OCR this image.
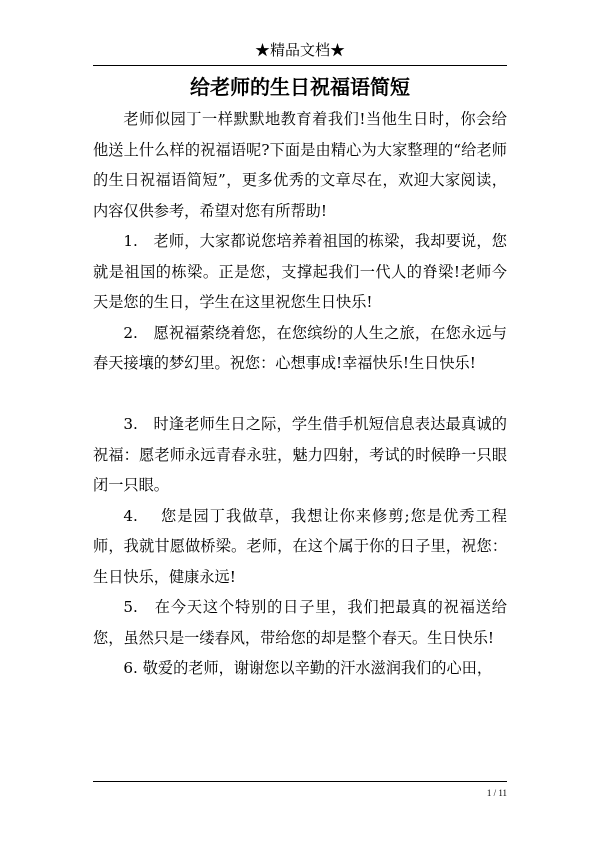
★精品文档★
给老师的生日祝福语简短

老师似园丁一样默默地教育着我们!当他生日时，你会给他送上什么样的祝福语呢?下面是由精心为大家整理的“给老师的生日祝福语简短”，更多优秀的文章尽在，欢迎大家阅读，内容仅供参考，希望对您有所帮助!

1.　老师，大家都说您培养着祖国的栋梁，我却要说，您就是祖国的栋梁。正是您，支撑起我们一代人的脊梁!老师今天是您的生日，学生在这里祝您生日快乐!

2.　愿祝福萦绕着您，在您缤纷的人生之旅，在您永远与春天接壤的梦幻里。祝您：心想事成!幸福快乐!生日快乐!

3.　时逢老师生日之际，学生借手机短信息表达最真诚的祝福：愿老师永远青春永驻，魅力四射，考试的时候睁一只眼闭一只眼。

4.　 您是园丁我做草，我想让你来修剪;您是优秀工程师，我就甘愿做桥梁。老师，在这个属于你的日子里，祝您：生日快乐，健康永远!

5.　在今天这个特别的日子里，我们把最真的祝福送给您，虽然只是一缕春风，带给您的却是整个春天。生日快乐!

6. 敬爱的老师，谢谢您以辛勤的汗水滋润我们的心田，

1 / 11
